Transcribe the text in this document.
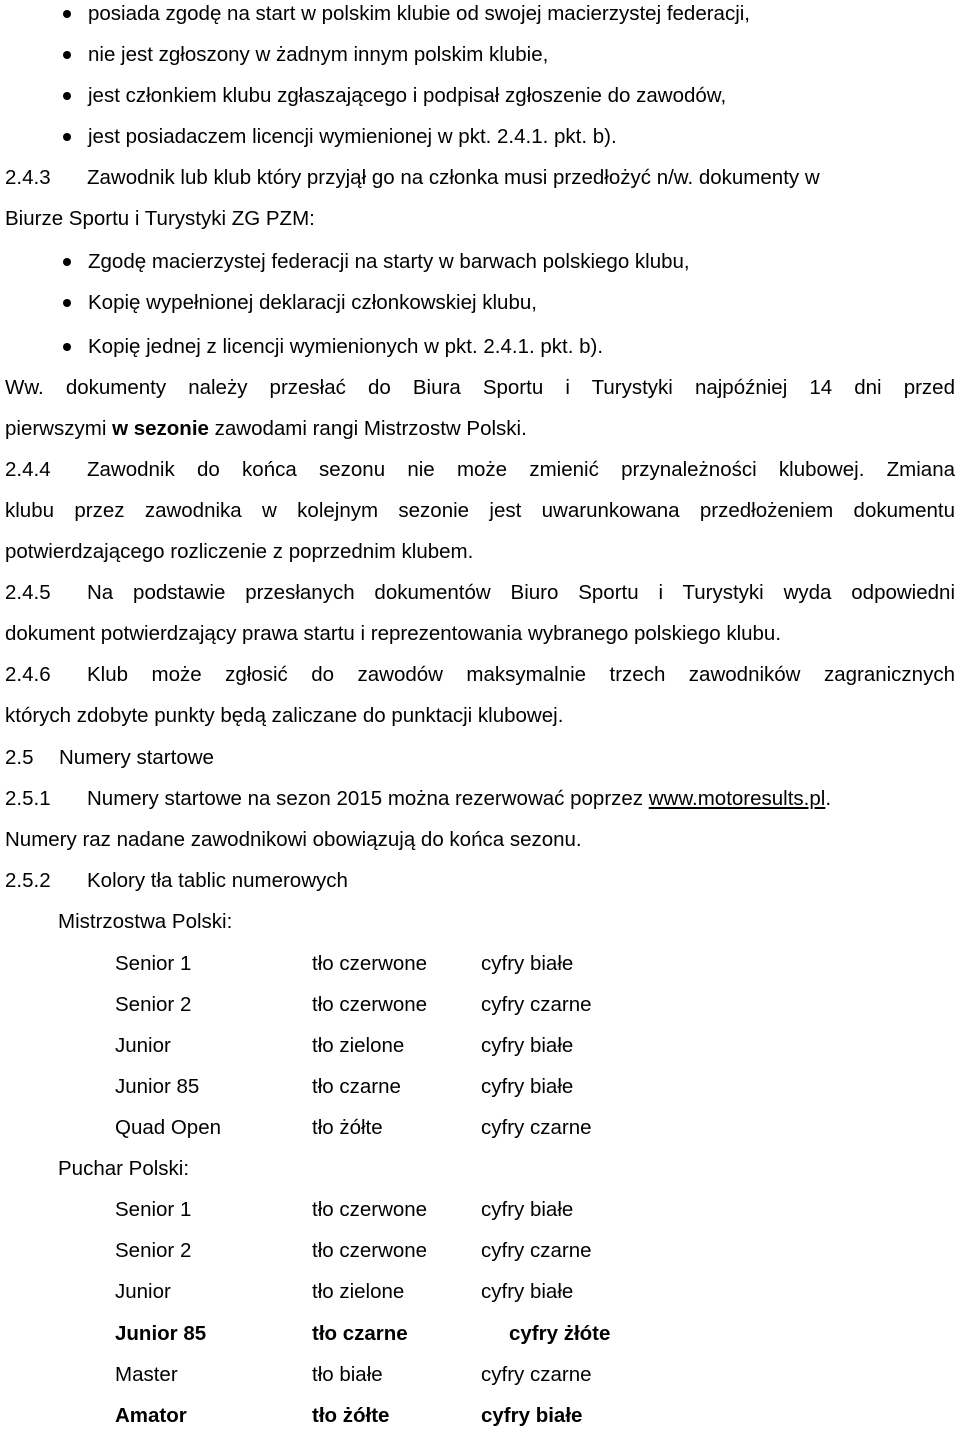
posiada zgodę na start w polskim klubie od swojej macierzystej federacji,
nie jest zgłoszony w żadnym innym polskim klubie,
jest członkiem klubu zgłaszającego i podpisał zgłoszenie do zawodów,
jest posiadaczem licencji wymienionej w pkt. 2.4.1. pkt. b).
2.4.3 Zawodnik lub klub który przyjął go na członka musi przedłożyć n/w. dokumenty w
Biurze Sportu i Turystyki ZG PZM:
Zgodę macierzystej federacji na starty w barwach polskiego klubu,
Kopię wypełnionej deklaracji członkowskiej klubu,
Kopię jednej z licencji wymienionych w pkt. 2.4.1. pkt. b).
Ww. dokumenty należy przesłać do Biura Sportu i Turystyki najpóźniej 14 dni przed
pierwszymi w sezonie zawodami rangi Mistrzostw Polski.
2.4.4 Zawodnik do końca sezonu nie może zmienić przynależności klubowej. Zmiana
klubu przez zawodnika w kolejnym sezonie jest uwarunkowana przedłożeniem dokumentu
potwierdzającego rozliczenie z poprzednim klubem.
2.4.5 Na podstawie przesłanych dokumentów Biuro Sportu i Turystyki wyda odpowiedni
dokument potwierdzający prawa startu i reprezentowania wybranego polskiego klubu.
2.4.6 Klub może zgłosić do zawodów maksymalnie trzech zawodników zagranicznych
których zdobyte punkty będą zaliczane do punktacji klubowej.
2.5 Numery startowe
2.5.1 Numery startowe na sezon 2015 można rezerwować poprzez www.motoresults.pl.
Numery raz nadane zawodnikowi obowiązują do końca sezonu.
2.5.2 Kolory tła tablic numerowych
Mistrzostwa Polski:
Senior 1	tło czerwone	cyfry białe
Senior 2	tło czerwone	cyfry czarne
Junior	tło zielone	cyfry białe
Junior 85	tło czarne	cyfry białe
Quad Open	tło żółte	cyfry czarne
Puchar Polski:
Senior 1	tło czerwone	cyfry białe
Senior 2	tło czerwone	cyfry czarne
Junior	tło zielone	cyfry białe
Junior 85	tło czarne	cyfry żłóte
Master	tło białe	cyfry czarne
Amator	tło żółte	cyfry białe
